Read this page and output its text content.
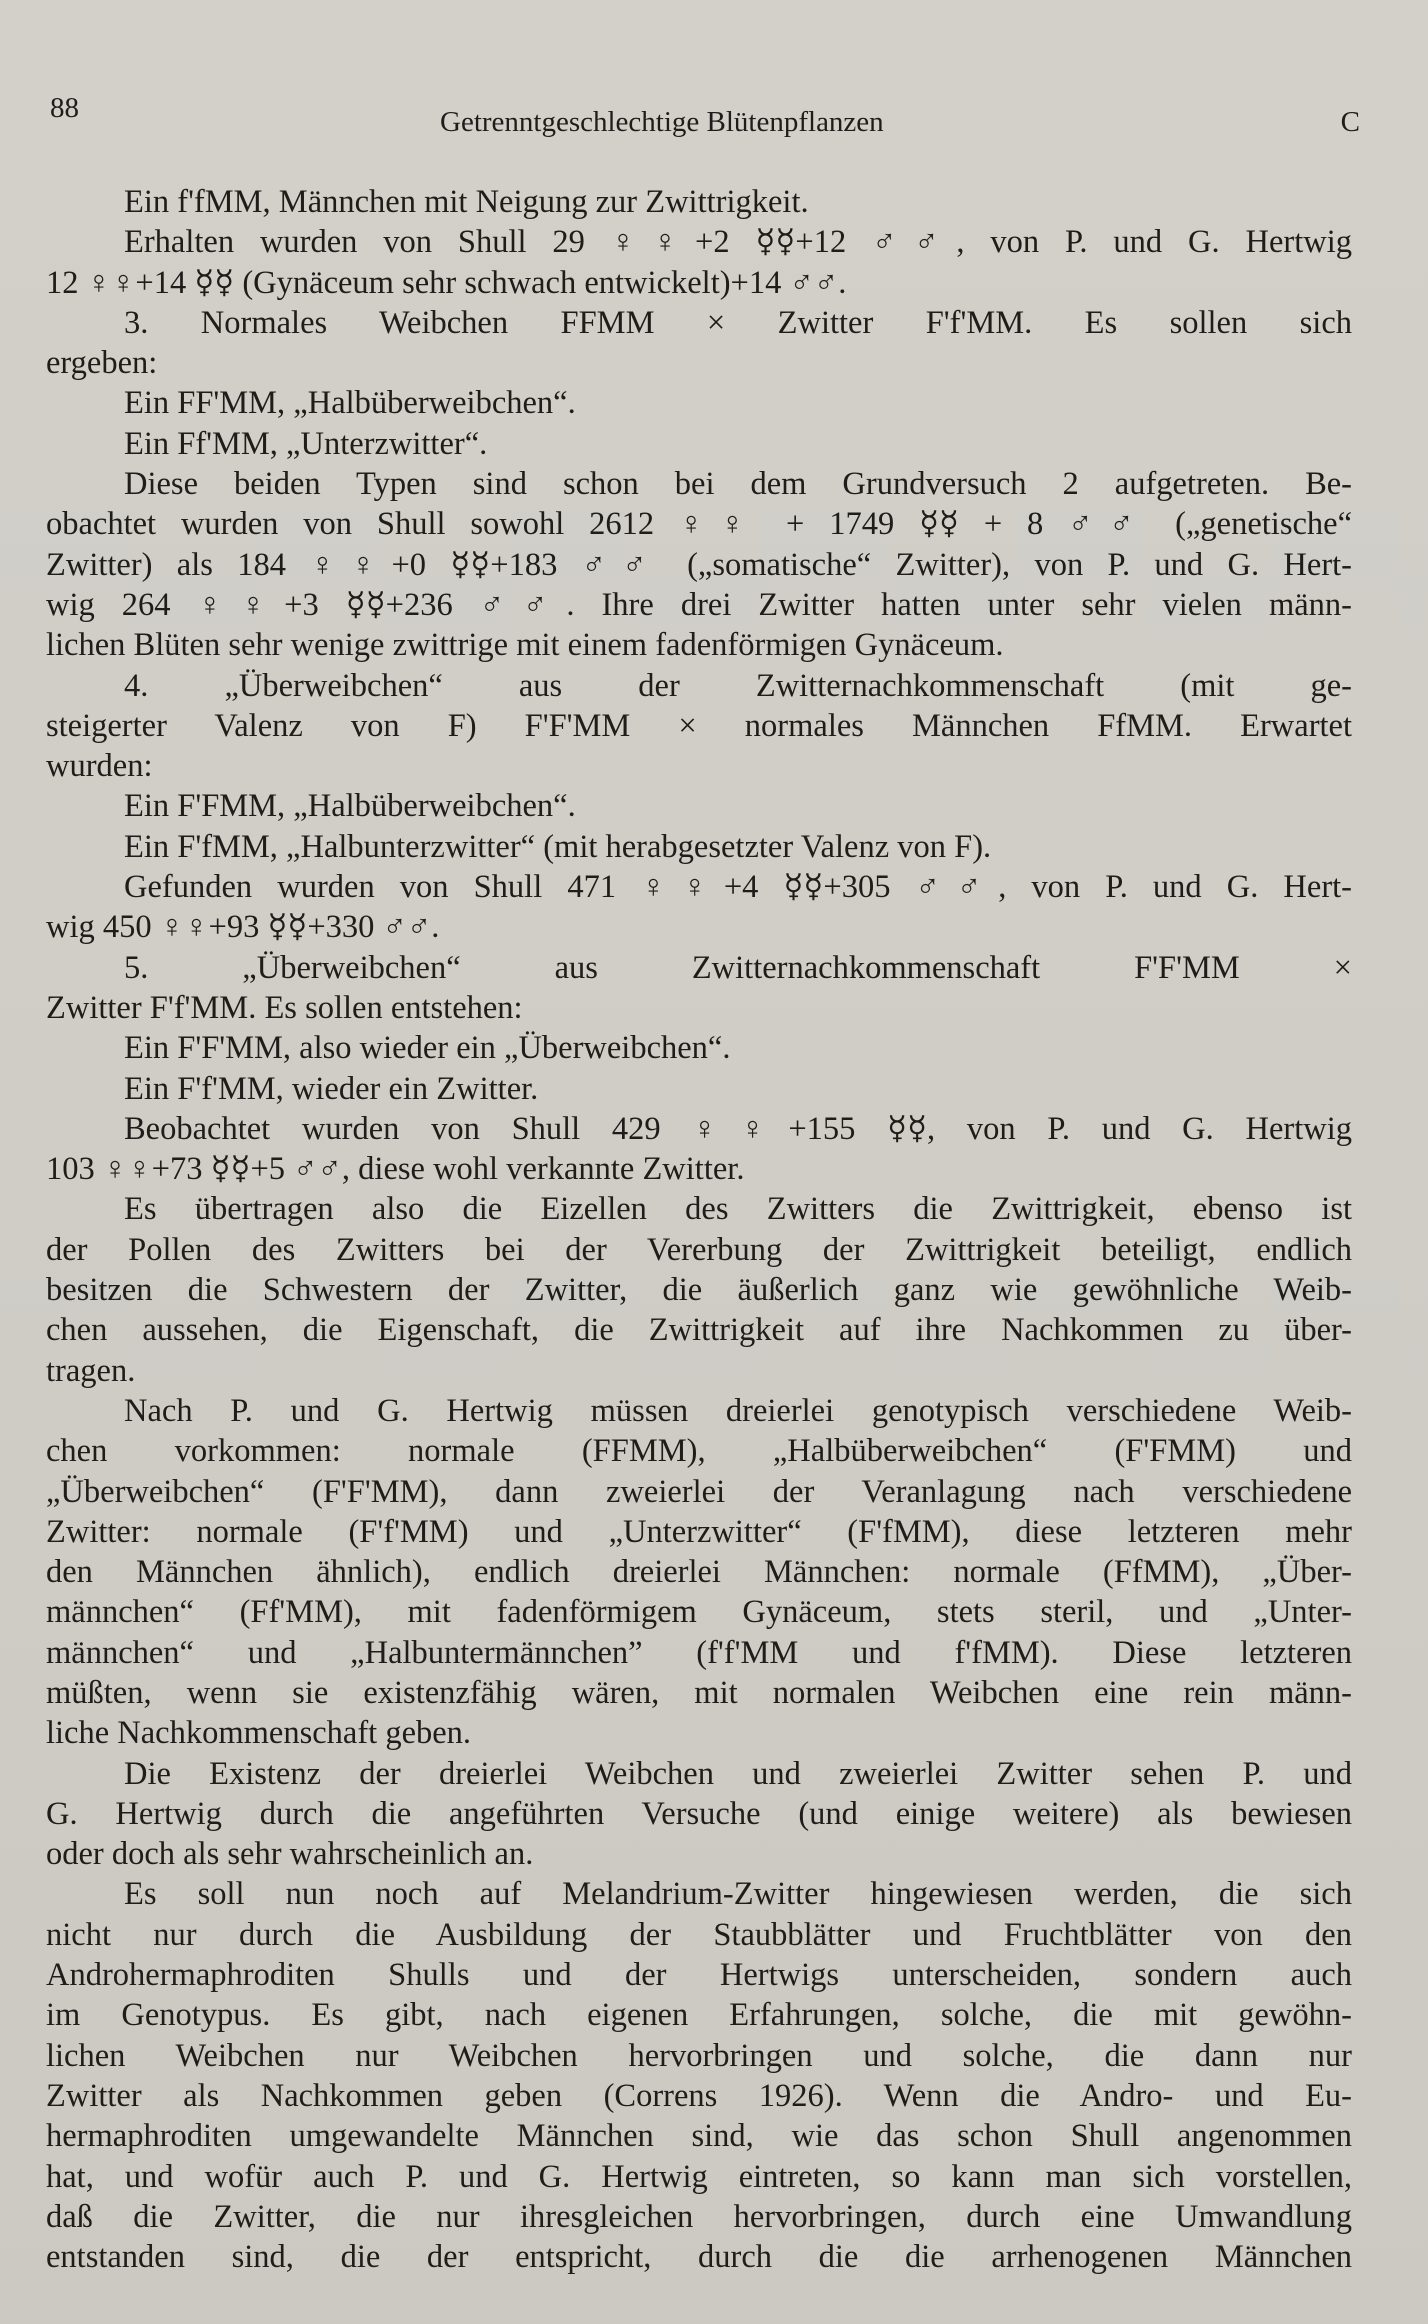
88	Getrenntgeschlechtige Blütenpflanzen	C
Ein f'fMM, Männchen mit Neigung zur Zwittrigkeit.
Erhalten wurden von Shull 29 ♀♀+2 ☿☿+12 ♂♂, von P. und G. Hertwig
12 ♀♀+14 ☿☿ (Gynäceum sehr schwach entwickelt)+14 ♂♂.
3. Normales Weibchen FFMM × Zwitter F'f'MM. Es sollen sich
ergeben:
Ein FF'MM, „Halbüberweibchen“.
Ein Ff'MM, „Unterzwitter“.
Diese beiden Typen sind schon bei dem Grundversuch 2 aufgetreten. Be-
obachtet wurden von Shull sowohl 2612 ♀♀ + 1749 ☿☿ + 8 ♂♂ („genetische“
Zwitter) als 184 ♀♀+0 ☿☿+183 ♂♂ („somatische“ Zwitter), von P. und G. Hert-
wig 264 ♀♀+3 ☿☿+236 ♂♂. Ihre drei Zwitter hatten unter sehr vielen männ-
lichen Blüten sehr wenige zwittrige mit einem fadenförmigen Gynäceum.
4. „Überweibchen“ aus der Zwitternachkommenschaft (mit ge-
steigerter Valenz von F) F'F'MM × normales Männchen FfMM. Erwartet
wurden:
Ein F'FMM, „Halbüberweibchen“.
Ein F'fMM, „Halbunterzwitter“ (mit herabgesetzter Valenz von F).
Gefunden wurden von Shull 471 ♀♀+4 ☿☿+305 ♂♂, von P. und G. Hert-
wig 450 ♀♀+93 ☿☿+330 ♂♂.
5. „Überweibchen“ aus Zwitternachkommenschaft F'F'MM ×
Zwitter F'f'MM. Es sollen entstehen:
Ein F'F'MM, also wieder ein „Überweibchen“.
Ein F'f'MM, wieder ein Zwitter.
Beobachtet wurden von Shull 429 ♀♀+155 ☿☿, von P. und G. Hertwig
103 ♀♀+73 ☿☿+5 ♂♂, diese wohl verkannte Zwitter.
Es übertragen also die Eizellen des Zwitters die Zwittrigkeit, ebenso ist
der Pollen des Zwitters bei der Vererbung der Zwittrigkeit beteiligt, endlich
besitzen die Schwestern der Zwitter, die äußerlich ganz wie gewöhnliche Weib-
chen aussehen, die Eigenschaft, die Zwittrigkeit auf ihre Nachkommen zu über-
tragen.
Nach P. und G. Hertwig müssen dreierlei genotypisch verschiedene Weib-
chen vorkommen: normale (FFMM), „Halbüberweibchen“ (F'FMM) und
„Überweibchen“ (F'F'MM), dann zweierlei der Veranlagung nach verschiedene
Zwitter: normale (F'f'MM) und „Unterzwitter“ (F'fMM), diese letzteren mehr
den Männchen ähnlich), endlich dreierlei Männchen: normale (FfMM), „Über-
männchen“ (Ff'MM), mit fadenförmigem Gynäceum, stets steril, und „Unter-
männchen“ und „Halbuntermännchen” (f'f'MM und f'fMM). Diese letzteren
müßten, wenn sie existenzfähig wären, mit normalen Weibchen eine rein männ-
liche Nachkommenschaft geben.
Die Existenz der dreierlei Weibchen und zweierlei Zwitter sehen P. und
G. Hertwig durch die angeführten Versuche (und einige weitere) als bewiesen
oder doch als sehr wahrscheinlich an.
Es soll nun noch auf Melandrium-Zwitter hingewiesen werden, die sich
nicht nur durch die Ausbildung der Staubblätter und Fruchtblätter von den
Androhermaphroditen Shulls und der Hertwigs unterscheiden, sondern auch
im Genotypus. Es gibt, nach eigenen Erfahrungen, solche, die mit gewöhn-
lichen Weibchen nur Weibchen hervorbringen und solche, die dann nur
Zwitter als Nachkommen geben (Correns 1926). Wenn die Andro- und Eu-
hermaphroditen umgewandelte Männchen sind, wie das schon Shull angenommen
hat, und wofür auch P. und G. Hertwig eintreten, so kann man sich vorstellen,
daß die Zwitter, die nur ihresgleichen hervorbringen, durch eine Umwandlung
entstanden sind, die der entspricht, durch die die arrhenogenen Männchen
